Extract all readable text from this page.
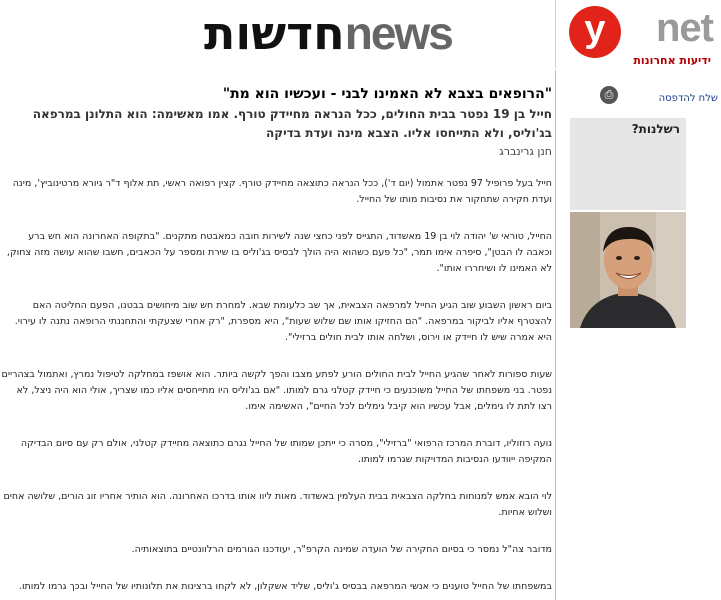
חדשותnews	y	net
ידיעות אחרונות
"הרופאים בצבא לא האמינו לבני - ועכשיו הוא מת"
חייל בן 19 נפטר בבית החולים, ככל הנראה מחיידק טורף. אמו מאשימה: הוא התלונן במרפאה בג'וליס, ולא התייחסו אליו. הצבא מינה ועדת בדיקה
חנן גרינברג

חייל בעל פרופיל 97 נפטר אתמול (יום ד'), ככל הנראה כתוצאה מחיידק טורף. קצין רפואה ראשי, תת אלוף ד"ר גיורא מרטינוביץ', מינה ועדת חקירה שתחקור את נסיבות מותו של החייל.

החייל, טוראי ש' יהודה לוי בן 19 מאשדוד, התגייס לפני כחצי שנה לשירות חובה כמאבטח מתקנים. "בתקופה האחרונה הוא חש ברע וכאבה לו הבטן", סיפרה אימו תמר, "כל פעם כשהוא היה הולך לבסיס בג'וליס בו שירת ומספר על הכאבים, חשבו שהוא עושה מזה צחוק, לא האמינו לו ושיחררו אותו".

ביום ראשון השבוע שוב הגיע החייל למרפאה הצבאית, אך שב כלעומת שבא. למחרת חש שוב מיחושים בבטנו, הפעם החליטה האם להצטרף אליו לביקור במרפאה. "הם החזיקו אותו שם שלוש שעות", היא מספרת, "רק אחרי שצעקתי והתחננתי הרופאה נתנה לו עירוי. היא אמרה שיש לו חיידק או וירוס, ושלחה אותו לבית חולים ברזילי".

שעות ספורות לאחר שהגיע החייל לבית החולים הורע לפתע מצבו והפך לקשה ביותר. הוא אושפז במחלקה לטיפול נמרץ, ואתמול בצהריים נפטר. בני משפחתו של החייל משוכנעים כי חיידק קטלני גרם למותו. "אם בג'וליס היו מתייחסים אליו כמו שצריך, אולי הוא היה ניצל, לא רצו לתת לו גימלים, אבל עכשיו הוא קיבל גימלים לכל החיים", האשימה אימו.

נועה רוזוליו, דוברת המרכז הרפואי "ברזילי", מסרה כי ייתכן שמותו של החייל נגרם כתוצאה מחיידק קטלני, אולם רק עם סיום הבדיקה המקיפה ייוודעו הנסיבות המדויקות שגרמו למותו.

לוי הובא אמש למנוחות בחלקה הצבאית בבית העלמין באשדוד. מאות ליוו אותו בדרכו האחרונה. הוא הותיר אחריו זוג הורים, שלושה אחים ושלוש אחיות.

מדובר צה"ל נמסר כי בסיום החקירה של הועדה שמינה הקרפ"ר, יעודכנו הגורמים הרלוונטיים בתוצאותיה.

במשפחתו של החייל טוענים כי אנשי המרפאה בבסיס ג'וליס, שליד אשקלון, לא לקחו ברצינות את תלונותיו של החייל ובכך גרמו למותו.

⎙	שלח להדפסה
רשלנות?
